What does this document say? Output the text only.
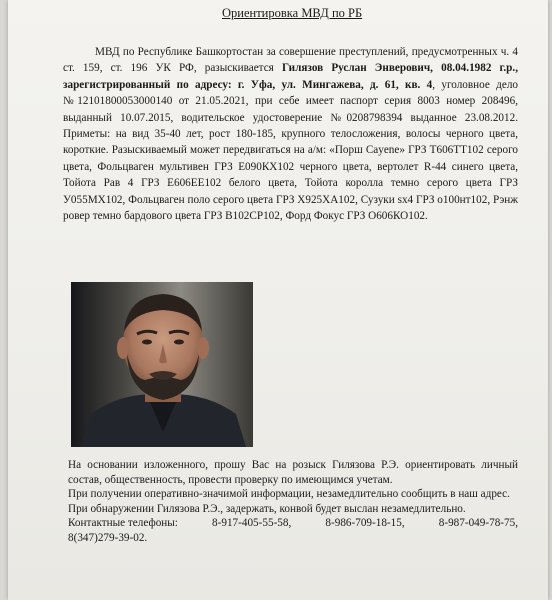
Ориентировка МВД по РБ
МВД по Республике Башкортостан за совершение преступлений, предусмотренных ч. 4 ст. 159, ст. 196 УК РФ, разыскивается Гилязов Руслан Энверович, 08.04.1982 г.р., зарегистрированный по адресу: г. Уфа, ул. Мингажева, д. 61, кв. 4, уголовное дело №12101800053000140 от 21.05.2021, при себе имеет паспорт серия 8003 номер 208496, выданный 10.07.2015, водительское удостоверение №0208798394 выданное 23.08.2012. Приметы: на вид 35-40 лет, рост 180-185, крупного телосложения, волосы черного цвета, короткие. Разыскиваемый может передвигаться на а/м: «Порш Cayene» ГРЗ Т606ТТ102 серого цвета, Фольцваген мультивен ГРЗ Е090КХ102 черного цвета, вертолет R-44 синего цвета, Тойота Рав 4 ГРЗ Е606ЕЕ102 белого цвета, Тойота королла темно серого цвета ГРЗ У055МХ102, Фольцваген поло серого цвета ГРЗ Х925ХА102, Сузуки sx4 ГРЗ о100нт102, Рэнж ровер темно бардового цвета ГРЗ В102СР102, Форд Фокус ГРЗ О606КО102.

На основании изложенного, прошу Вас на розыск Гилязова Р.Э. ориентировать личный состав, общественность, провести проверку по имеющимся учетам.

При получении оперативно-значимой информации, незамедлительно сообщить в наш адрес.

При обнаружении Гилязова Р.Э., задержать, конвой будет выслан незамедлительно.

Контактные телефоны:	8-917-405-55-58,	8-986-709-18-15,	8-987-049-78-75,

8(347)279-39-02.
